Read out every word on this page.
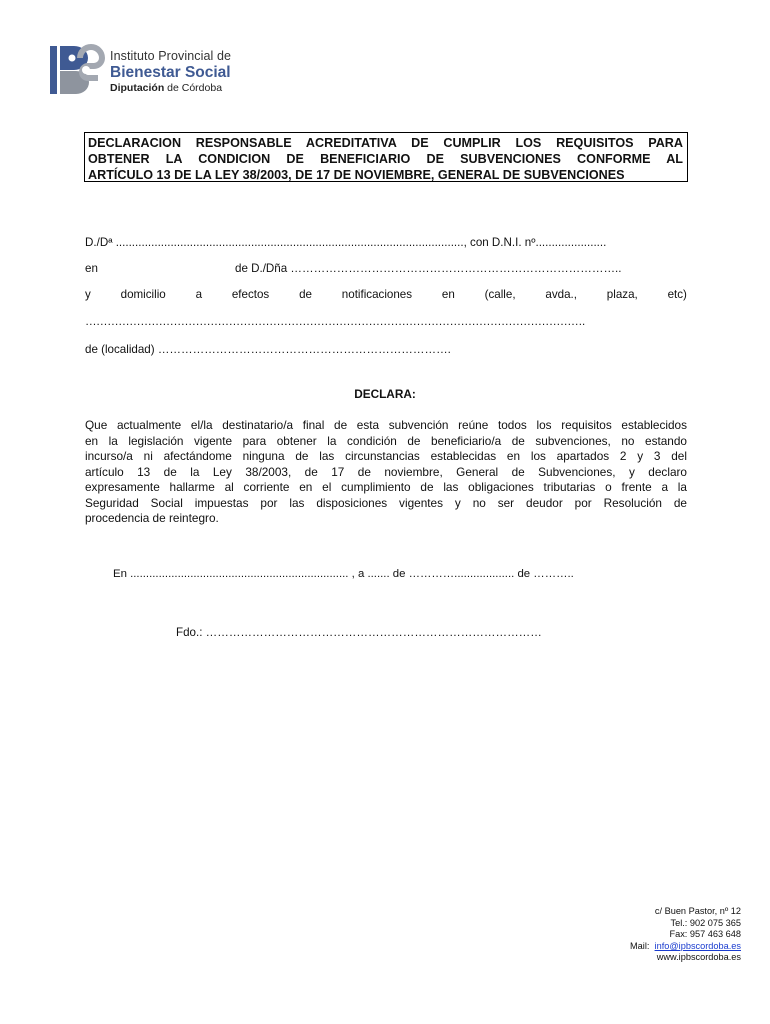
Instituto Provincial de
Bienestar Social
Diputación de Córdoba
DECLARACION RESPONSABLE ACREDITATIVA DE CUMPLIR LOS REQUISITOS PARA
OBTENER LA CONDICION DE BENEFICIARIO DE SUBVENCIONES CONFORME AL
ARTÍCULO 13 DE LA LEY 38/2003, DE 17 DE NOVIEMBRE, GENERAL DE SUBVENCIONES
D./Dª ............................................................................................................, con D.N.I. nº......................
en	de D./Dña …………………………………………………………………………..
y	domicilio	a	efectos	de	notificaciones	en	(calle,	avda.,	plaza,	etc)
……………………………………………………………………………………………………………………….
de (localidad) ………………………………………………………………….
DECLARA:
Que actualmente el/la destinatario/a final de esta subvención reúne todos los requisitos establecidos
en la legislación vigente para obtener la condición de beneficiario/a de subvenciones, no estando
incurso/a ni afectándome ninguna de las circunstancias establecidas en los apartados 2 y 3 del
artículo 13 de la Ley 38/2003, de 17 de noviembre, General de Subvenciones, y declaro
expresamente hallarme al corriente en el cumplimiento de las obligaciones tributarias o frente a la
Seguridad Social impuestas por las disposiciones vigentes y no ser deudor por Resolución de
procedencia de reintegro.
En ..................................................................... , a ....... de …………................... de ………..
Fdo.: ……………………………………………………………………………
c/ Buen Pastor, nº 12
Tel.: 902 075 365
Fax: 957 463 648
Mail: info@ipbscordoba.es
www.ipbscordoba.es
